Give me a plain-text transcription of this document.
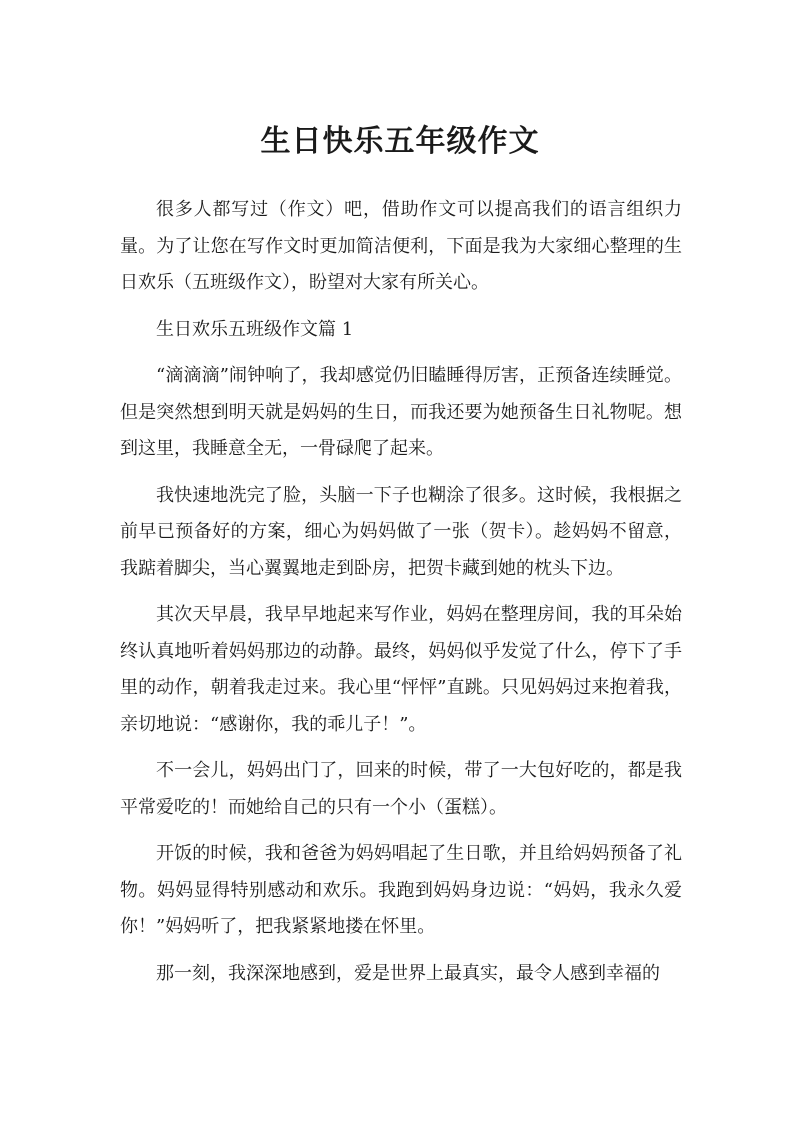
生日快乐五年级作文

很多人都写过（作文）吧，借助作文可以提高我们的语言组织力量。为了让您在写作文时更加简洁便利，下面是我为大家细心整理的生日欢乐（五班级作文），盼望对大家有所关心。

生日欢乐五班级作文篇 1

“滴滴滴”闹钟响了，我却感觉仍旧瞌睡得厉害，正预备连续睡觉。但是突然想到明天就是妈妈的生日，而我还要为她预备生日礼物呢。想到这里，我睡意全无，一骨碌爬了起来。

我快速地洗完了脸，头脑一下子也糊涂了很多。这时候，我根据之前早已预备好的方案，细心为妈妈做了一张（贺卡）。趁妈妈不留意，我踮着脚尖，当心翼翼地走到卧房，把贺卡藏到她的枕头下边。

其次天早晨，我早早地起来写作业，妈妈在整理房间，我的耳朵始终认真地听着妈妈那边的动静。最终，妈妈似乎发觉了什么，停下了手里的动作，朝着我走过来。我心里“怦怦”直跳。只见妈妈过来抱着我，亲切地说：“感谢你，我的乖儿子！”。

不一会儿，妈妈出门了，回来的时候，带了一大包好吃的，都是我平常爱吃的！而她给自己的只有一个小（蛋糕）。

开饭的时候，我和爸爸为妈妈唱起了生日歌，并且给妈妈预备了礼物。妈妈显得特别感动和欢乐。我跑到妈妈身边说：“妈妈，我永久爱你！”妈妈听了，把我紧紧地搂在怀里。

那一刻，我深深地感到，爱是世界上最真实，最令人感到幸福的
